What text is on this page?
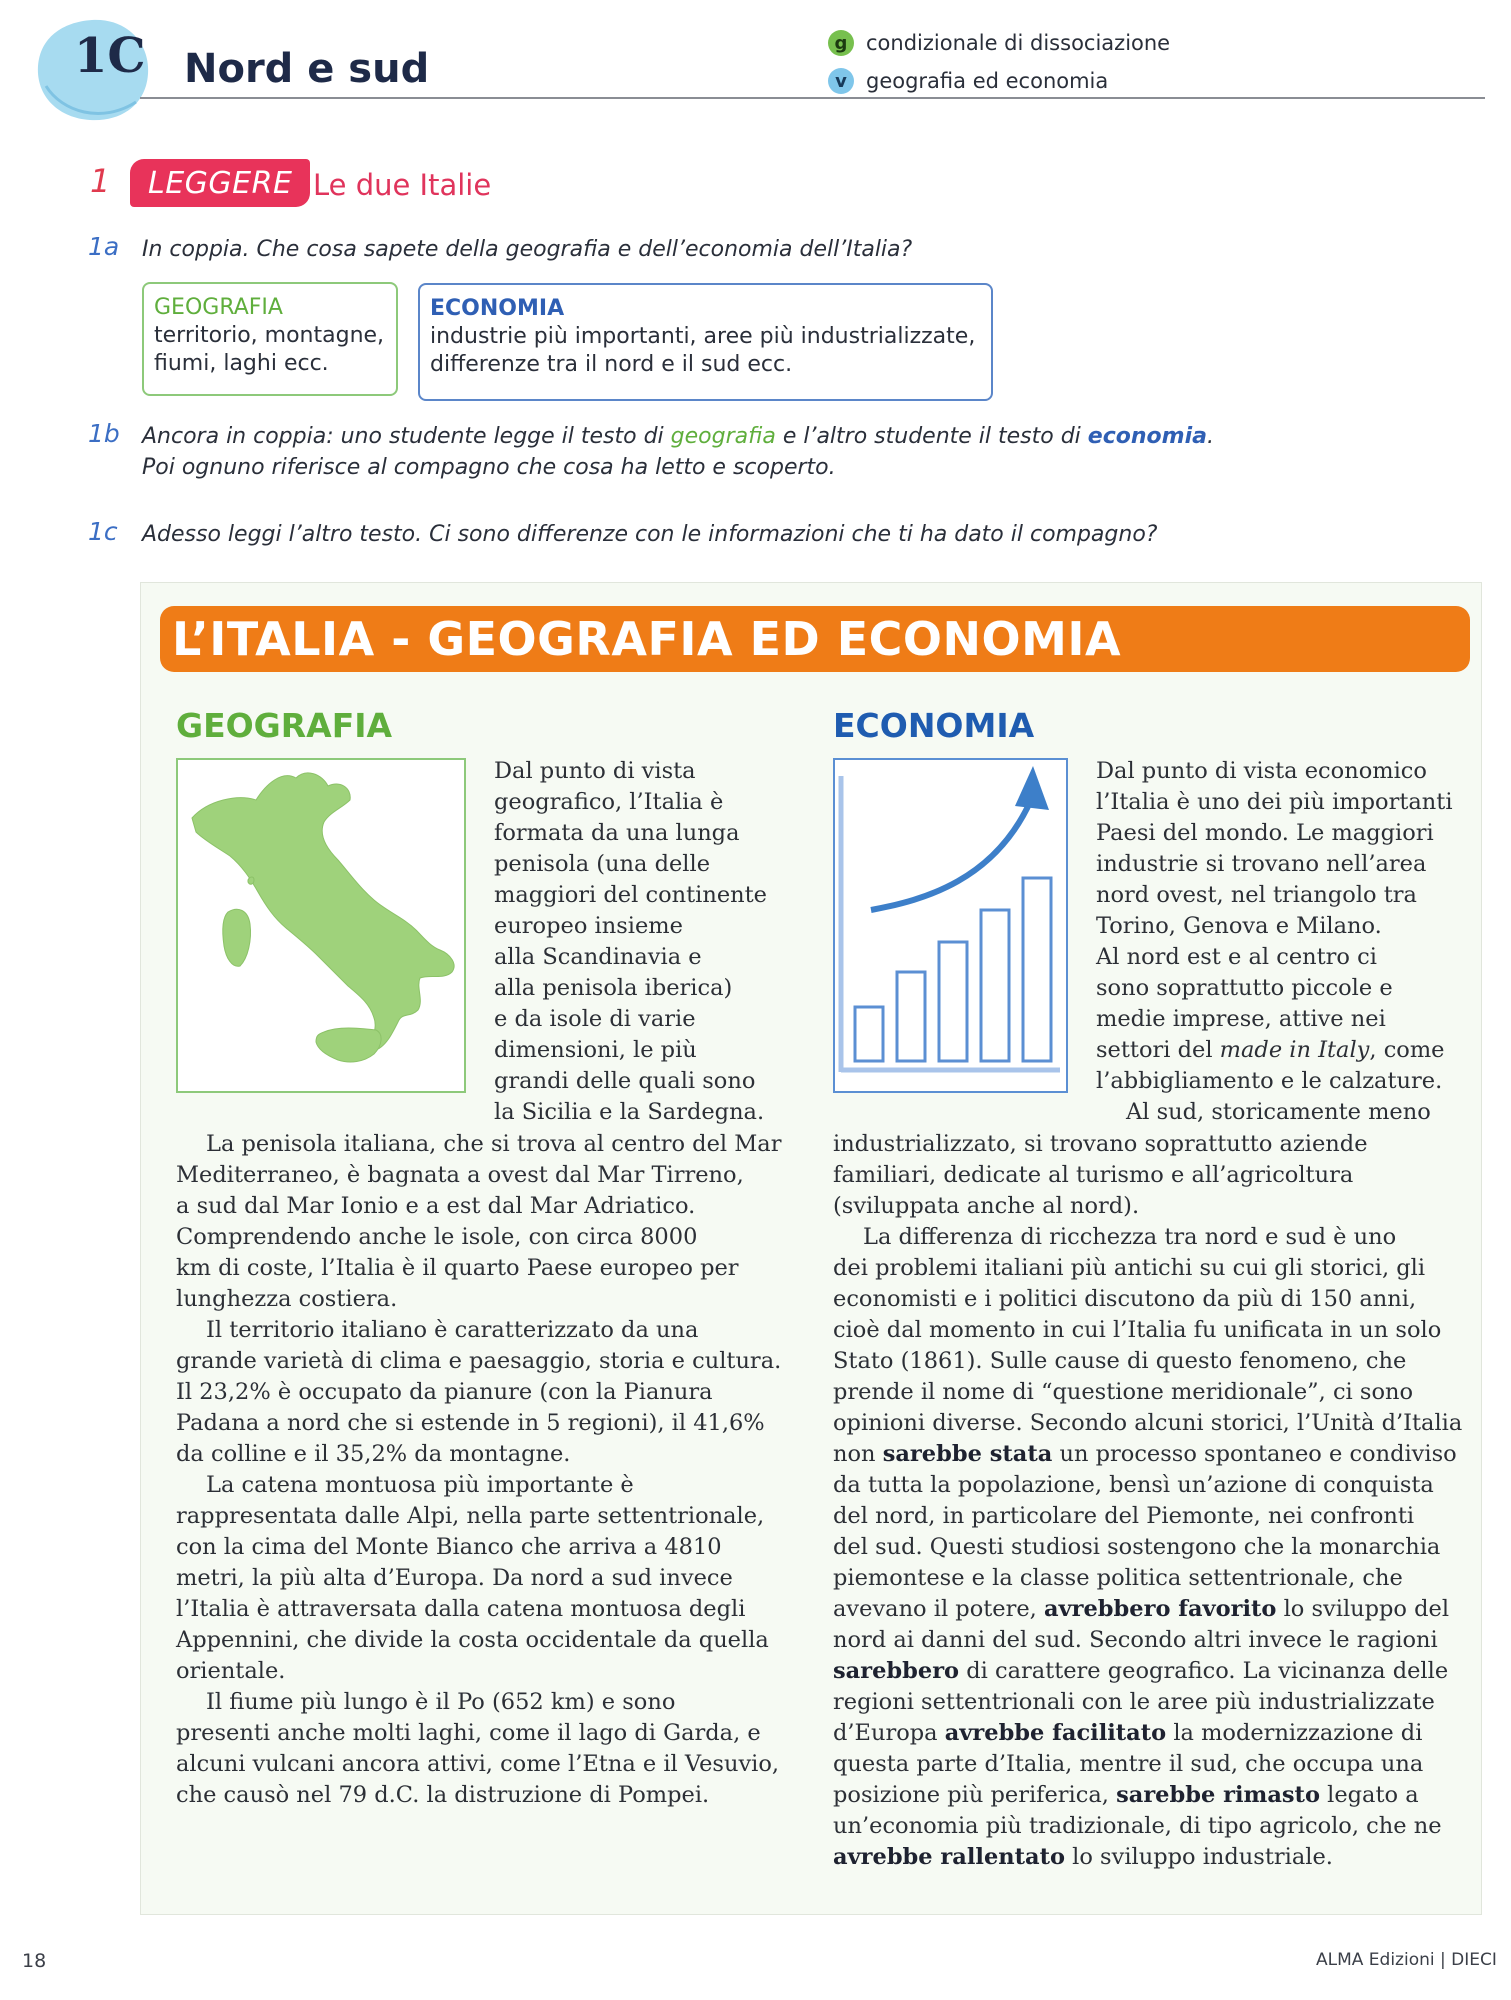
1C Nord e sud
g condizionale di dissociazione
v geografia ed economia
1 LEGGERE Le due Italie
1a In coppia. Che cosa sapete della geografia e dell’economia dell’Italia?
GEOGRAFIA
territorio, montagne,
fiumi, laghi ecc.
ECONOMIA
industrie più importanti, aree più industrializzate,
differenze tra il nord e il sud ecc.
1b Ancora in coppia: uno studente legge il testo di geografia e l’altro studente il testo di economia.
Poi ognuno riferisce al compagno che cosa ha letto e scoperto.
1c Adesso leggi l’altro testo. Ci sono differenze con le informazioni che ti ha dato il compagno?
L’ITALIA - GEOGRAFIA ED ECONOMIA
GEOGRAFIA	ECONOMIA
Dal punto di vista
geografico, l’Italia è
formata da una lunga
penisola (una delle
maggiori del continente
europeo insieme
alla Scandinavia e
alla penisola iberica)
e da isole di varie
dimensioni, le più
grandi delle quali sono
la Sicilia e la Sardegna.
La penisola italiana, che si trova al centro del Mar
Mediterraneo, è bagnata a ovest dal Mar Tirreno,
a sud dal Mar Ionio e a est dal Mar Adriatico.
Comprendendo anche le isole, con circa 8000
km di coste, l’Italia è il quarto Paese europeo per
lunghezza costiera.
Il territorio italiano è caratterizzato da una
grande varietà di clima e paesaggio, storia e cultura.
Il 23,2% è occupato da pianure (con la Pianura
Padana a nord che si estende in 5 regioni), il 41,6%
da colline e il 35,2% da montagne.
La catena montuosa più importante è
rappresentata dalle Alpi, nella parte settentrionale,
con la cima del Monte Bianco che arriva a 4810
metri, la più alta d’Europa. Da nord a sud invece
l’Italia è attraversata dalla catena montuosa degli
Appennini, che divide la costa occidentale da quella
orientale.
Il fiume più lungo è il Po (652 km) e sono
presenti anche molti laghi, come il lago di Garda, e
alcuni vulcani ancora attivi, come l’Etna e il Vesuvio,
che causò nel 79 d.C. la distruzione di Pompei.
Dal punto di vista economico
l’Italia è uno dei più importanti
Paesi del mondo. Le maggiori
industrie si trovano nell’area
nord ovest, nel triangolo tra
Torino, Genova e Milano.
Al nord est e al centro ci
sono soprattutto piccole e
medie imprese, attive nei
settori del made in Italy, come
l’abbigliamento e le calzature.
Al sud, storicamente meno
industrializzato, si trovano soprattutto aziende
familiari, dedicate al turismo e all’agricoltura
(sviluppata anche al nord).
La differenza di ricchezza tra nord e sud è uno
dei problemi italiani più antichi su cui gli storici, gli
economisti e i politici discutono da più di 150 anni,
cioè dal momento in cui l’Italia fu unificata in un solo
Stato (1861). Sulle cause di questo fenomeno, che
prende il nome di “questione meridionale”, ci sono
opinioni diverse. Secondo alcuni storici, l’Unità d’Italia
non sarebbe stata un processo spontaneo e condiviso
da tutta la popolazione, bensì un’azione di conquista
del nord, in particolare del Piemonte, nei confronti
del sud. Questi studiosi sostengono che la monarchia
piemontese e la classe politica settentrionale, che
avevano il potere, avrebbero favorito lo sviluppo del
nord ai danni del sud. Secondo altri invece le ragioni
sarebbero di carattere geografico. La vicinanza delle
regioni settentrionali con le aree più industrializzate
d’Europa avrebbe facilitato la modernizzazione di
questa parte d’Italia, mentre il sud, che occupa una
posizione più periferica, sarebbe rimasto legato a
un’economia più tradizionale, di tipo agricolo, che ne
avrebbe rallentato lo sviluppo industriale.
18	ALMA Edizioni | DIECI
